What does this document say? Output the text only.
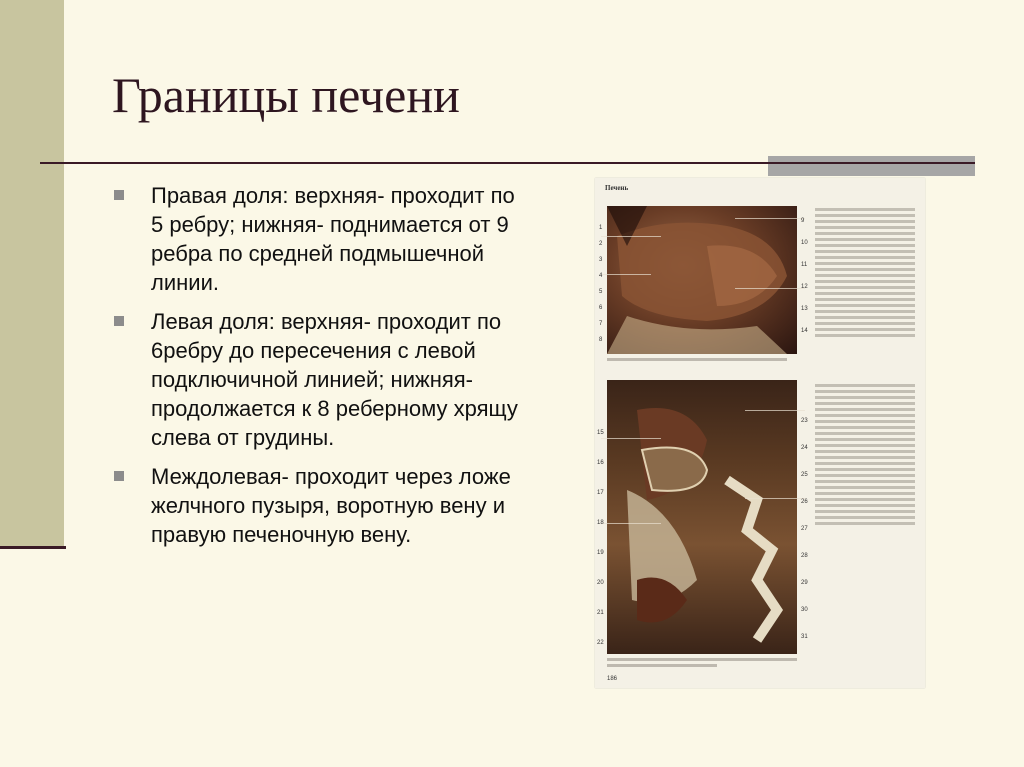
Границы печени
Правая доля: верхняя- проходит по 5 ребру; нижняя- поднимается от 9 ребра по средней подмышечной линии.
Левая доля: верхняя- проходит по 6ребру до пересечения с левой подключичной линией; нижняя- продолжается к 8 реберному хрящу слева от грудины.
Междолевая- проходит через ложе желчного пузыря, воротную вену и правую печеночную вену.
Печень
1
2
3
4
5
6
7
8
9
10
11
12
13
14
15
16
17
18
19
20
21
22
23
24
25
26
27
28
29
30
31
186
